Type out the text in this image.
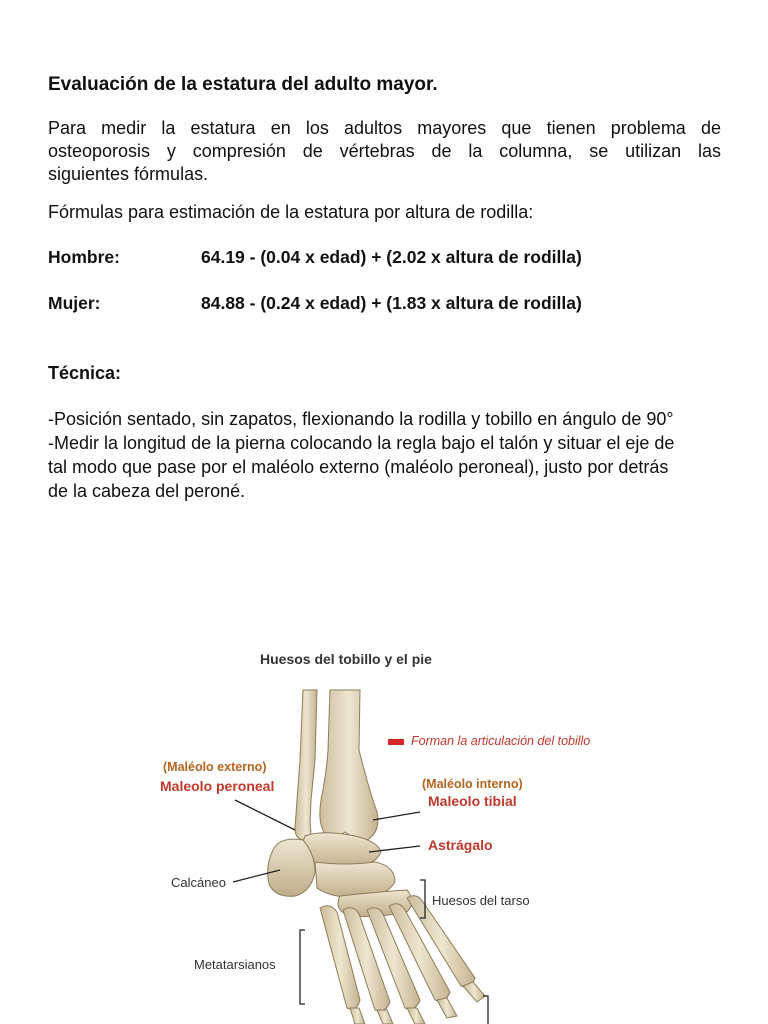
Evaluación de la estatura del adulto mayor.
Para medir la estatura en los adultos mayores que tienen problema de
osteoporosis y compresión de vértebras de la columna, se utilizan las
siguientes fórmulas.
Fórmulas para estimación de la estatura por altura de rodilla:
Hombre:	64.19 - (0.04 x edad) + (2.02 x altura de rodilla)
Mujer:	84.88 - (0.24 x edad) + (1.83 x altura de rodilla)
Técnica:
-Posición sentado, sin zapatos, flexionando la rodilla y tobillo en ángulo de 90°
-Medir la longitud de la pierna colocando la regla bajo el talón y situar el eje de
tal modo que pase por el maléolo externo (maléolo peroneal), justo por detrás
de la cabeza del peroné.
Huesos del tobillo y el pie
Forman la articulación del tobillo
(Maléolo externo)
Maleolo peroneal	(Maléolo interno)
Maleolo tibial
Astrágalo
Calcáneo
Huesos del tarso
Metatarsianos
